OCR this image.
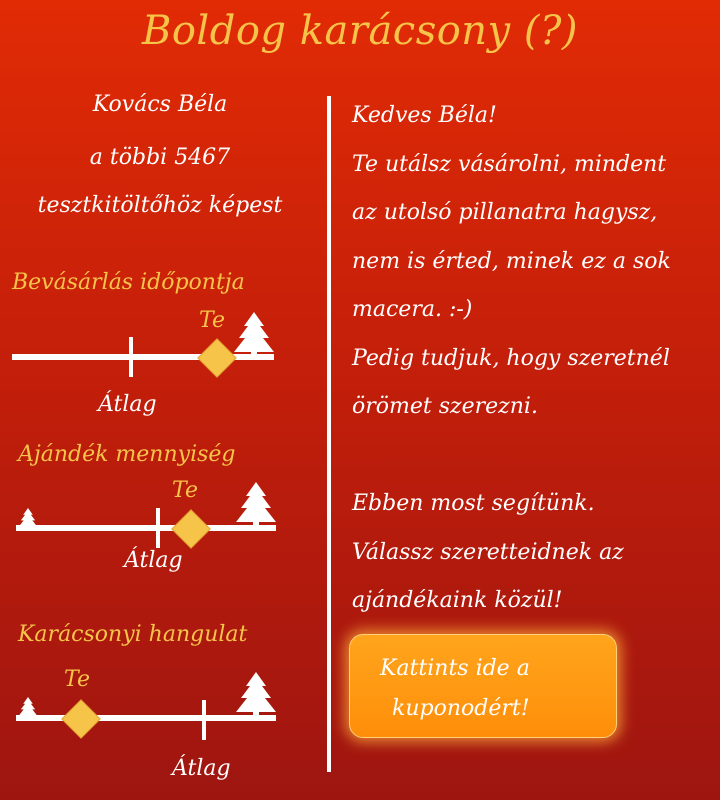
Boldog karácsony (?)
Kovács Béla
a többi 5467
tesztkitöltőhöz képest
Bevásárlás időpontja
Átlag
Te
Ajándék mennyiség
Átlag
Te
Karácsonyi hangulat
Átlag
Te

Kedves Béla!

Te utálsz vásárolni, mindent

az utolsó pillanatra hagysz,

nem is érted, minek ez a sok

macera. :-)

Pedig tudjuk, hogy szeretnél

örömet szerezni.

Ebben most segítünk.

Válassz szeretteidnek az

ajándékaink közül!

Kattints ide a
kuponodért!
